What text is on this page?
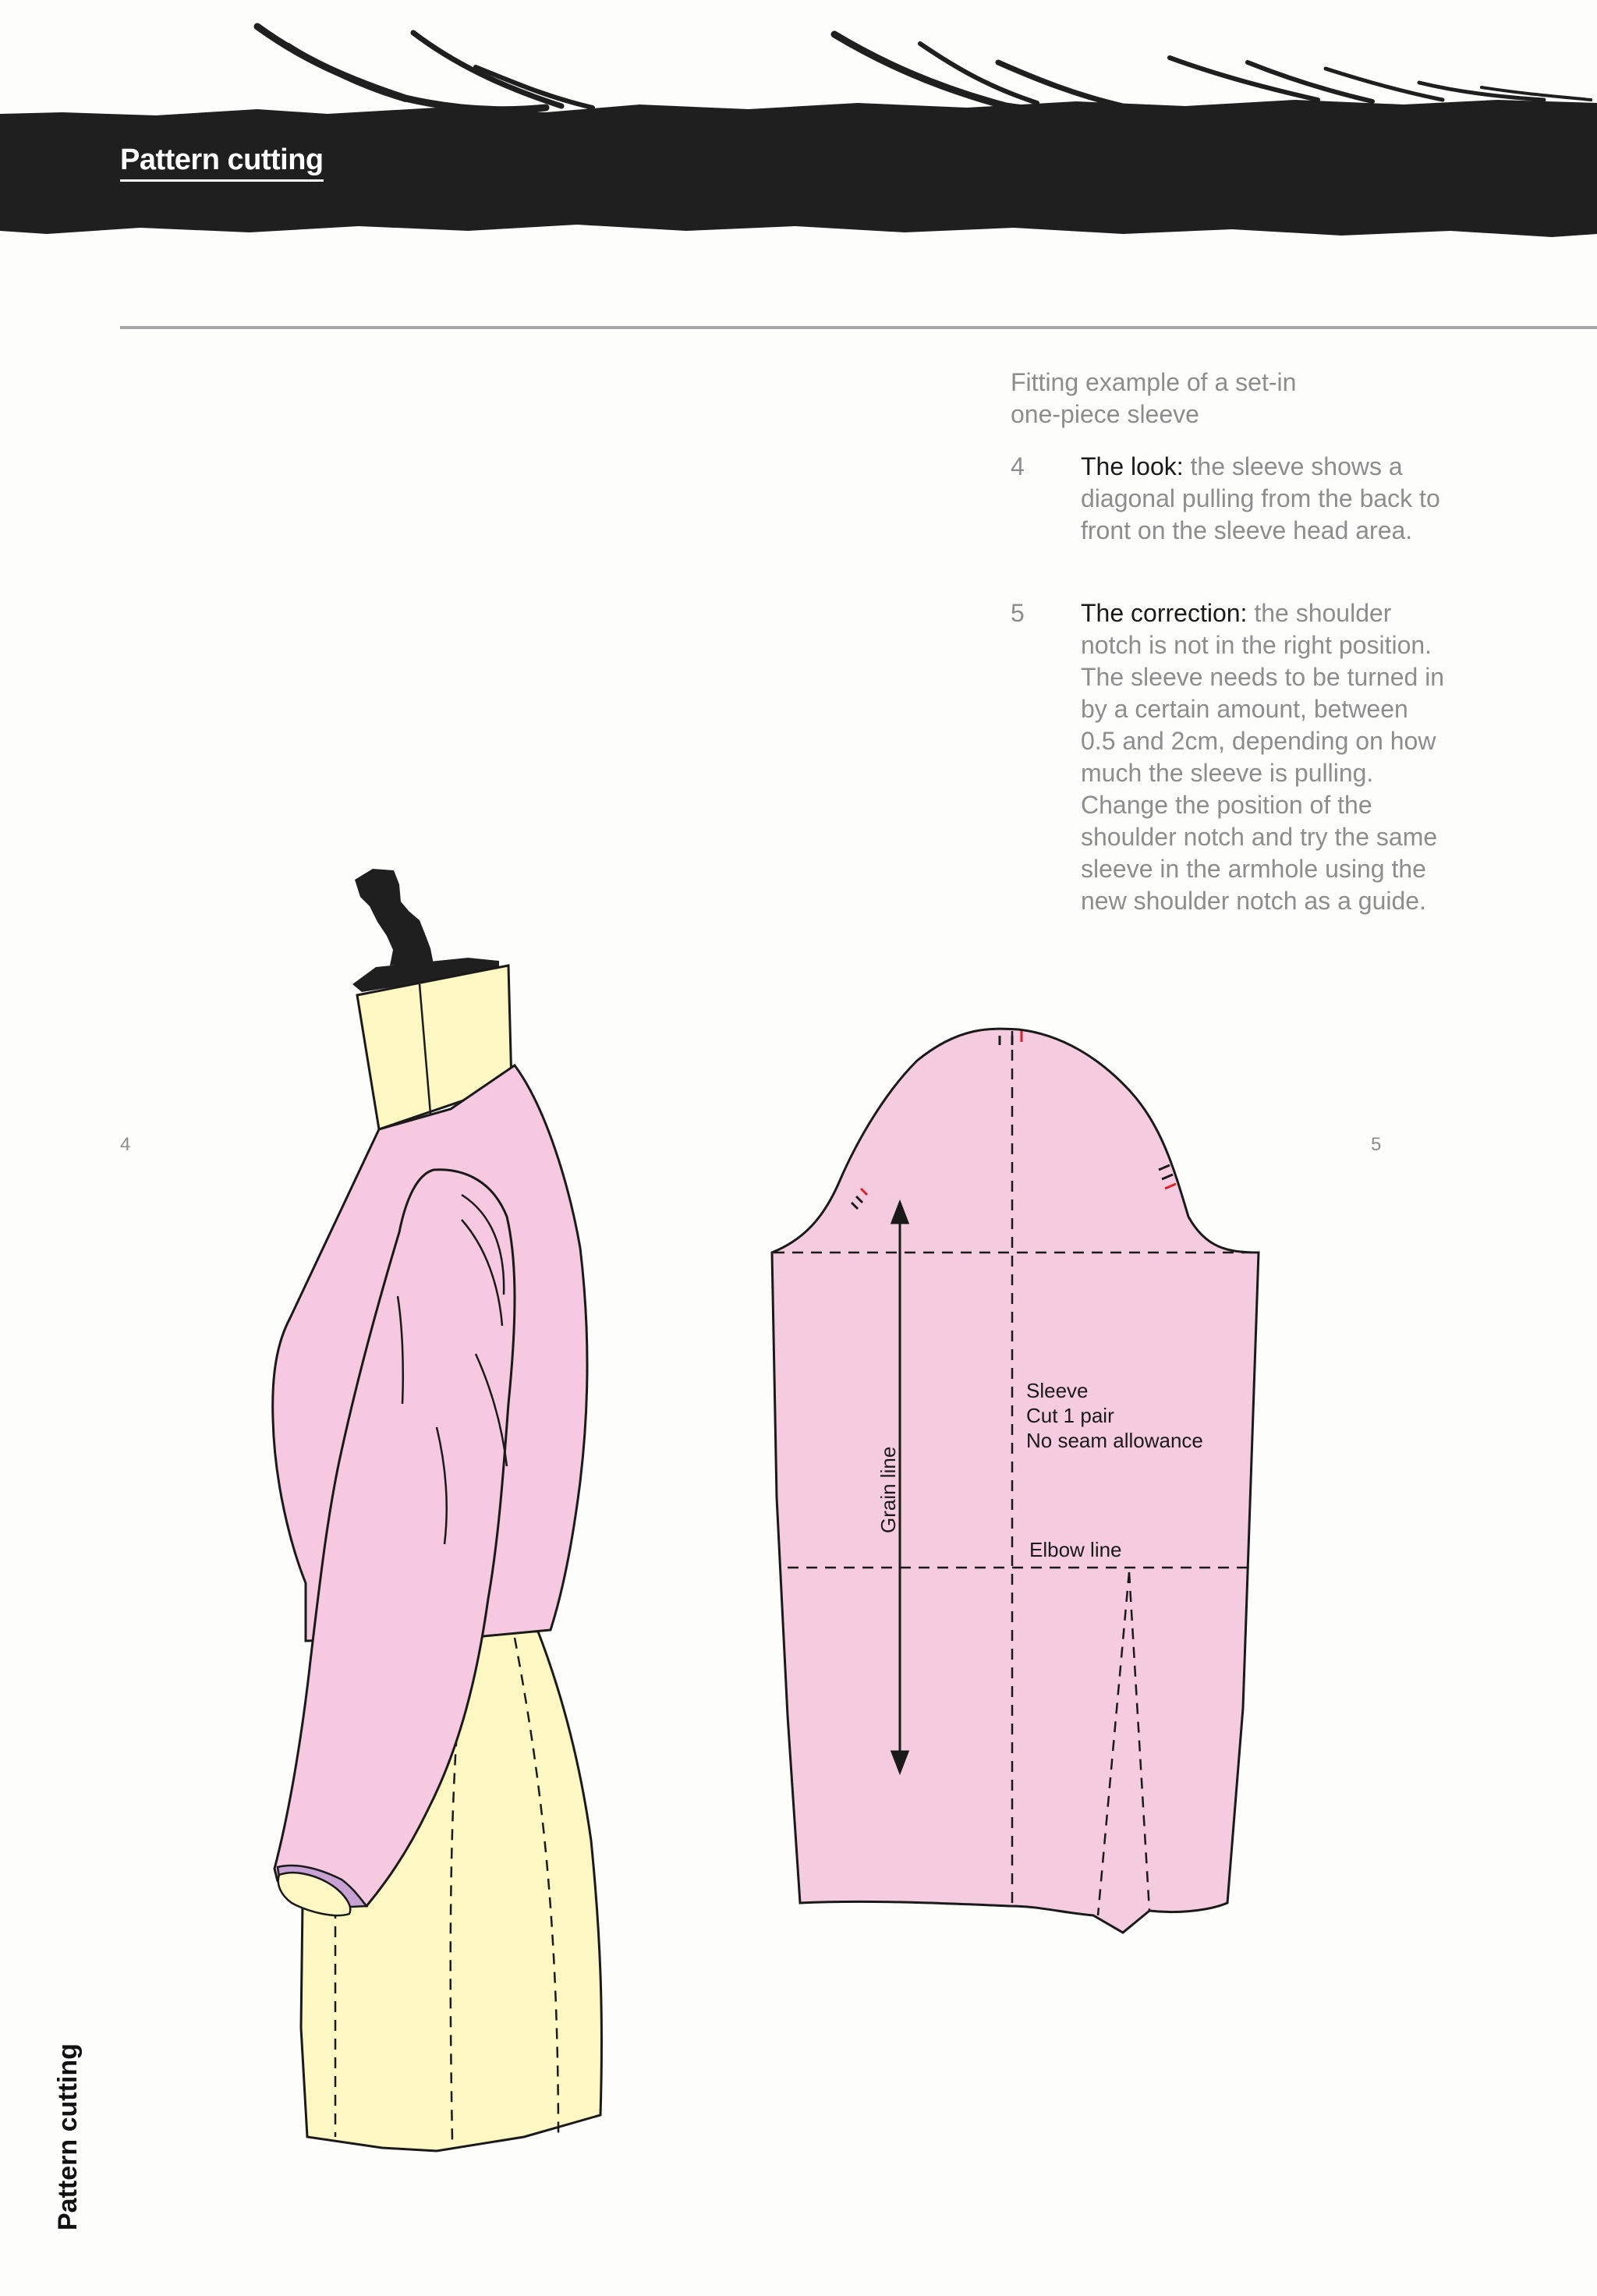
Pattern cutting
Fitting example of a set-in
one-piece sleeve
4 The look: the sleeve shows a diagonal pulling from the back to front on the sleeve head area.
5 The correction: the shoulder notch is not in the right position. The sleeve needs to be turned in by a certain amount, between 0.5 and 2cm, depending on how much the sleeve is pulling. Change the position of the shoulder notch and try the same sleeve in the armhole using the new shoulder notch as a guide.
4	5
Sleeve
Cut 1 pair
No seam allowance
Elbow line
Grain line
Pattern cutting
